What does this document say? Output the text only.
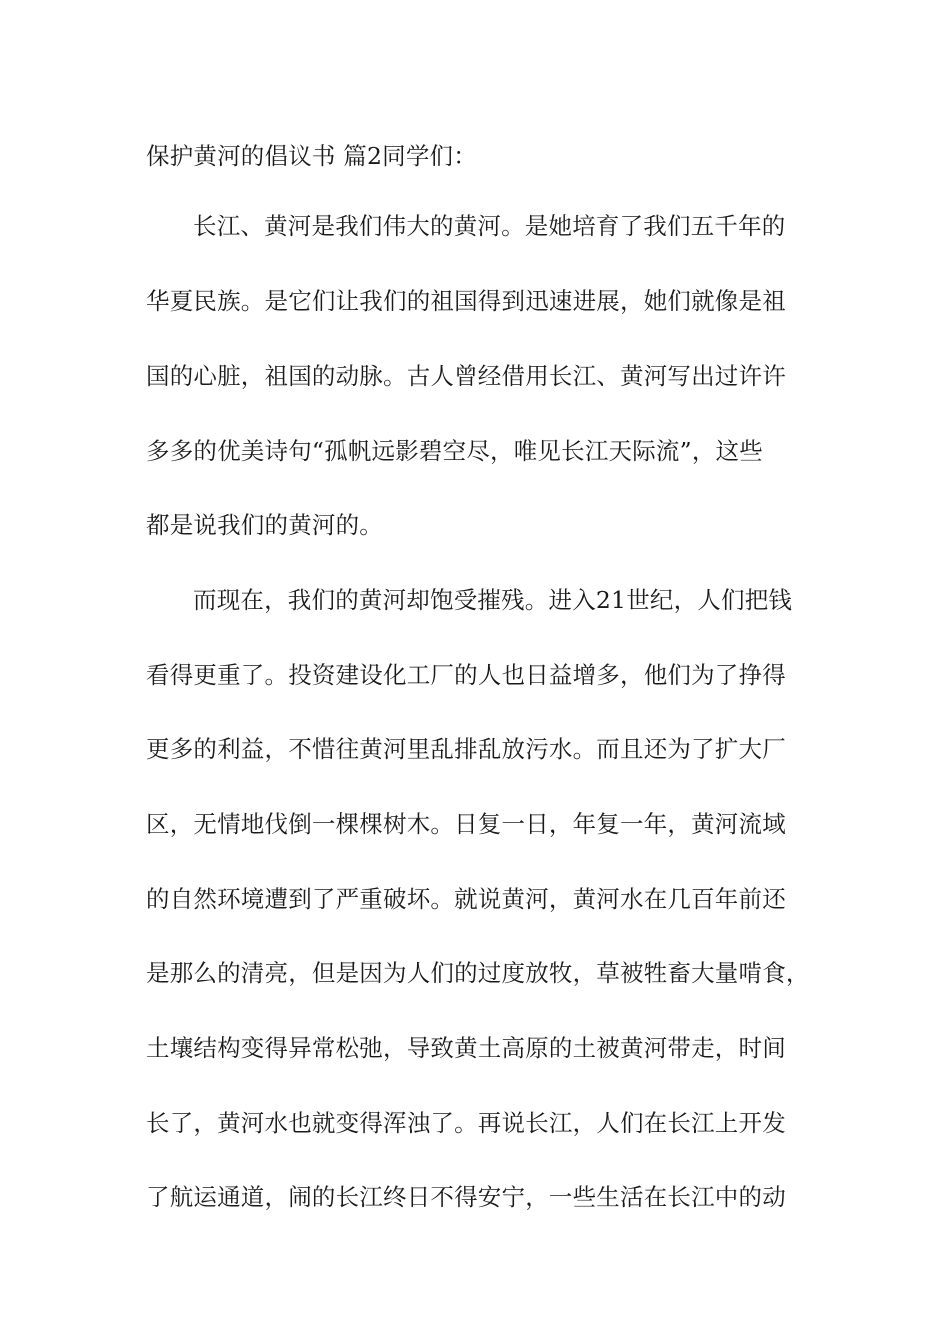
保护黄河的倡议书 篇2同学们：

长江、黄河是我们伟大的黄河。是她培育了我们五千年的

华夏民族。是它们让我们的祖国得到迅速进展，她们就像是祖

国的心脏，祖国的动脉。古人曾经借用长江、黄河写出过许许

多多的优美诗句“孤帆远影碧空尽，唯见长江天际流”，这些

都是说我们的黄河的。

而现在，我们的黄河却饱受摧残。进入21世纪，人们把钱

看得更重了。投资建设化工厂的人也日益增多，他们为了挣得

更多的利益，不惜往黄河里乱排乱放污水。而且还为了扩大厂

区，无情地伐倒一棵棵树木。日复一日，年复一年，黄河流域

的自然环境遭到了严重破坏。就说黄河，黄河水在几百年前还

是那么的清亮，但是因为人们的过度放牧，草被牲畜大量啃食，

土壤结构变得异常松弛，导致黄土高原的土被黄河带走，时间

长了，黄河水也就变得浑浊了。再说长江，人们在长江上开发

了航运通道，闹的长江终日不得安宁，一些生活在长江中的动
